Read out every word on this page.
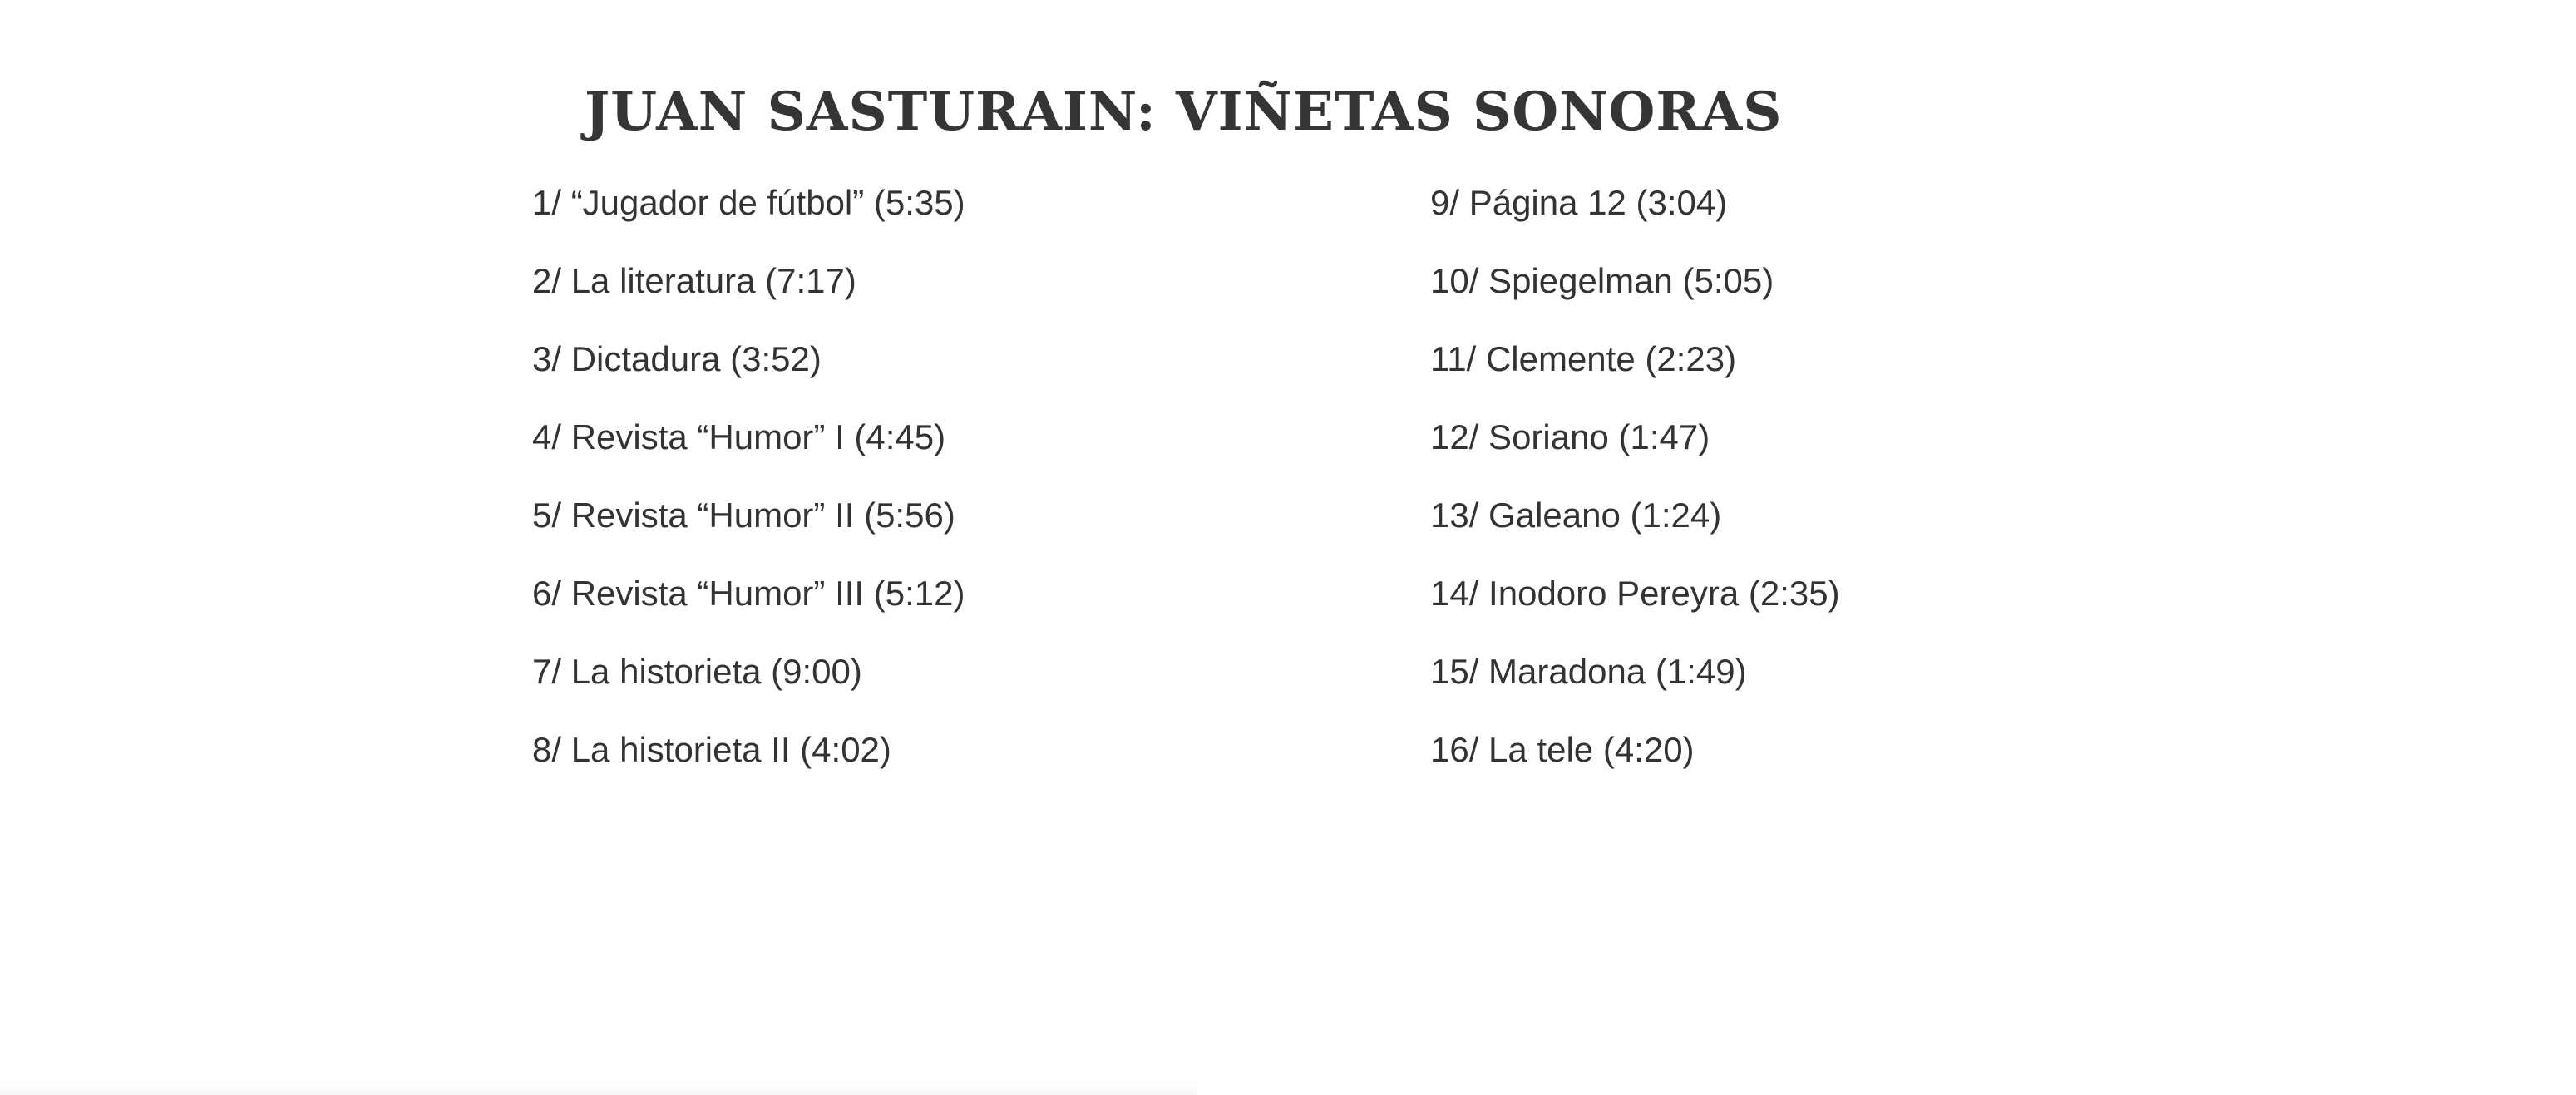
JUAN SASTURAIN: VIÑETAS SONORAS
1/ “Jugador de fútbol” (5:35)
2/ La literatura (7:17)
3/ Dictadura (3:52)
4/ Revista “Humor” I (4:45)
5/ Revista “Humor” II (5:56)
6/ Revista “Humor” III (5:12)
7/ La historieta (9:00)
8/ La historieta II (4:02)
9/ Página 12 (3:04)
10/ Spiegelman (5:05)
11/ Clemente (2:23)
12/ Soriano (1:47)
13/ Galeano (1:24)
14/ Inodoro Pereyra (2:35)
15/ Maradona (1:49)
16/ La tele (4:20)
